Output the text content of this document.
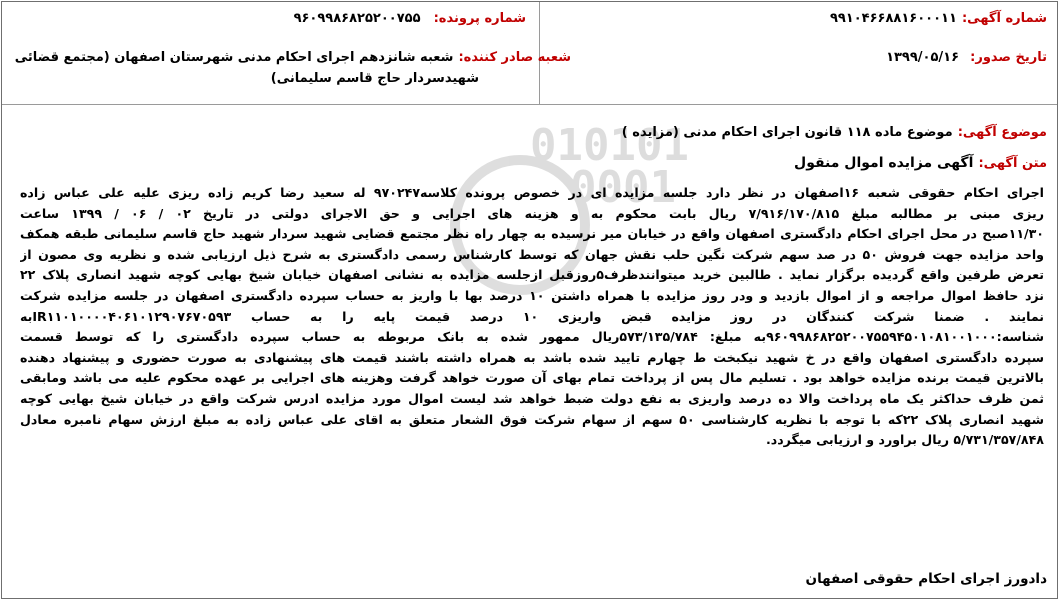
010101
0001
شماره آگهی: ۹۹۱۰۴۶۶۸۸۱۶۰۰۰۱۱
تاریخ صدور: ۱۳۹۹/۰۵/۱۶
شماره پرونده: ۹۶۰۹۹۸۶۸۲۵۲۰۰۷۵۵
شعبه صادر کننده: شعبه شانزدهم اجرای احکام مدنی شهرستان اصفهان (مجتمع قضائی
شهیدسردار حاج قاسم سلیمانی)
موضوع آگهی: موضوع ماده ۱۱۸ قانون اجرای احکام مدنی (مزایده )
متن آگهی: آگهی مزایده اموال منقول
اجرای احکام حقوقی شعبه ۱۶اصفهان در نظر دارد جلسه مزایده ای در خصوص پرونده کلاسه۹۷۰۲۴۷ له سعید رضا کریم زاده ریزی علیه علی عباس زاده
ریزی مبنی بر مطالبه مبلغ ۷/۹۱۶/۱۷۰/۸۱۵ ریال بابت محکوم به و هزینه های اجرایی و حق الاجرای دولتی در تاریخ ۰۲ / ۰۶ / ۱۳۹۹ ساعت
۱۱/۳۰صبح در محل اجرای احکام دادگستری اصفهان واقع در خیابان میر نرسیده به چهار راه نظر مجتمع قضایی شهید سردار شهید حاج قاسم سلیمانی طبقه همکف
واحد مزایده جهت فروش ۵۰ در صد سهم شرکت نگین حلب نقش جهان که توسط کارشناس رسمی دادگستری به شرح ذیل ارزیابی شده و نظریه وی مصون از
تعرض طرفین واقع گردیده برگزار نماید . طالبین خرید میتوانندظرف۵روزقبل ازجلسه مزایده به نشانی اصفهان خیابان شیخ بهایی کوچه شهید انصاری پلاک ۲۲
نزد حافظ اموال مراجعه و از اموال بازدید و ودر روز مزایده با همراه داشتن ۱۰ درصد بها با واریز به حساب سپرده دادگستری اصفهان در جلسه مزایده شرکت
نمایند . ضمنا شرکت کنندگان در روز مزایده قبض واریزی ۱۰ درصد قیمت پایه را به حساب IR۱۱۰۱۰۰۰۰۴۰۶۱۰۱۲۹۰۷۶۷۰۵۹۳به
شناسه:۹۶۰۹۹۸۶۸۲۵۲۰۰۷۵۵۹۴۵۰۱۰۸۱۰۰۱۰۰۰به مبلغ: ۵۷۳/۱۳۵/۷۸۴ریال ممهور شده به بانک مربوطه به حساب سپرده دادگستری را که توسط قسمت
سپرده دادگستری اصفهان واقع در خ شهید نیکبخت ط چهارم تایید شده باشد به همراه داشته باشند قیمت های پیشنهادی به صورت حضوری و پیشنهاد دهنده
بالاترین قیمت برنده مزایده خواهد بود . تسلیم مال پس از پرداخت تمام بهای آن صورت خواهد گرفت وهزینه های اجرایی بر عهده محکوم علیه می باشد ومابقی
ثمن ظرف حداکثر یک ماه پرداخت والا ده درصد واریزی به نفع دولت ضبط خواهد شد لیست اموال مورد مزایده ادرس شرکت واقع در خیابان شیخ بهایی کوچه
شهید انصاری پلاک ۲۲که با توجه با نظریه کارشناسی ۵۰ سهم از سهام شرکت فوق الشعار متعلق به اقای علی عباس زاده به مبلغ ارزش سهام نامبره معادل
۵/۷۳۱/۳۵۷/۸۴۸ ریال براورد و ارزیابی میگردد.
دادورز اجرای احکام حقوقی اصفهان
